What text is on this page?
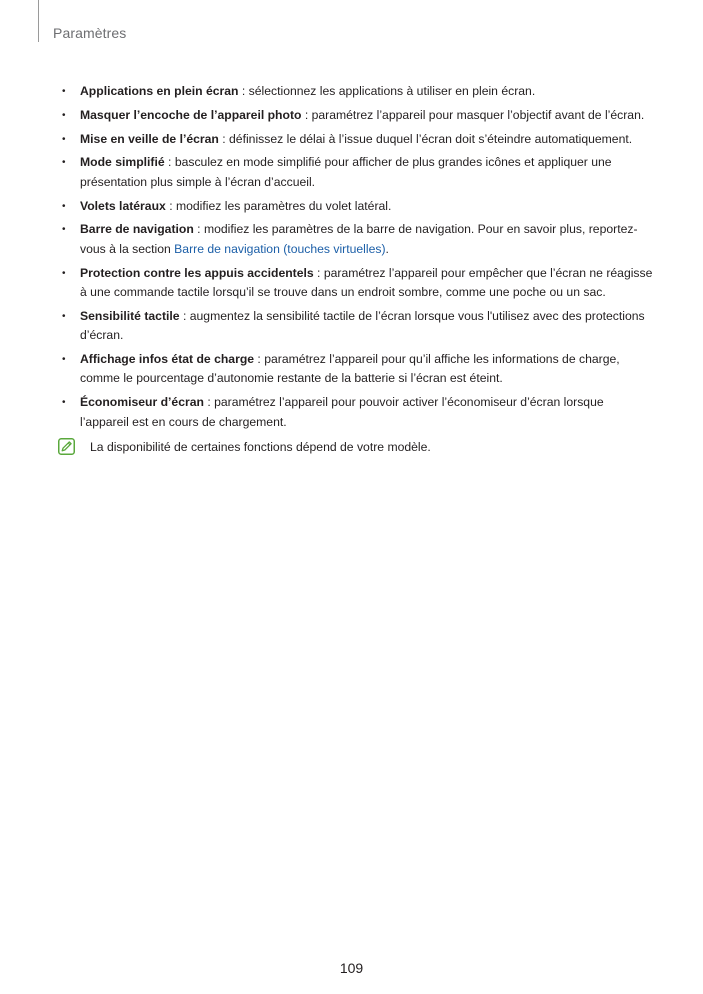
Paramètres
• Applications en plein écran : sélectionnez les applications à utiliser en plein écran.
• Masquer l’encoche de l’appareil photo : paramétrez l’appareil pour masquer l’objectif avant de l’écran.
• Mise en veille de l’écran : définissez le délai à l’issue duquel l’écran doit s’éteindre automatiquement.
• Mode simplifié : basculez en mode simplifié pour afficher de plus grandes icônes et appliquer une présentation plus simple à l’écran d’accueil.
• Volets latéraux : modifiez les paramètres du volet latéral.
• Barre de navigation : modifiez les paramètres de la barre de navigation. Pour en savoir plus, reportez-vous à la section Barre de navigation (touches virtuelles).
• Protection contre les appuis accidentels : paramétrez l’appareil pour empêcher que l’écran ne réagisse à une commande tactile lorsqu’il se trouve dans un endroit sombre, comme une poche ou un sac.
• Sensibilité tactile : augmentez la sensibilité tactile de l’écran lorsque vous l'utilisez avec des protections d’écran.
• Affichage infos état de charge : paramétrez l’appareil pour qu’il affiche les informations de charge, comme le pourcentage d’autonomie restante de la batterie si l’écran est éteint.
• Économiseur d’écran : paramétrez l’appareil pour pouvoir activer l’économiseur d’écran lorsque l’appareil est en cours de chargement.
La disponibilité de certaines fonctions dépend de votre modèle.
109
